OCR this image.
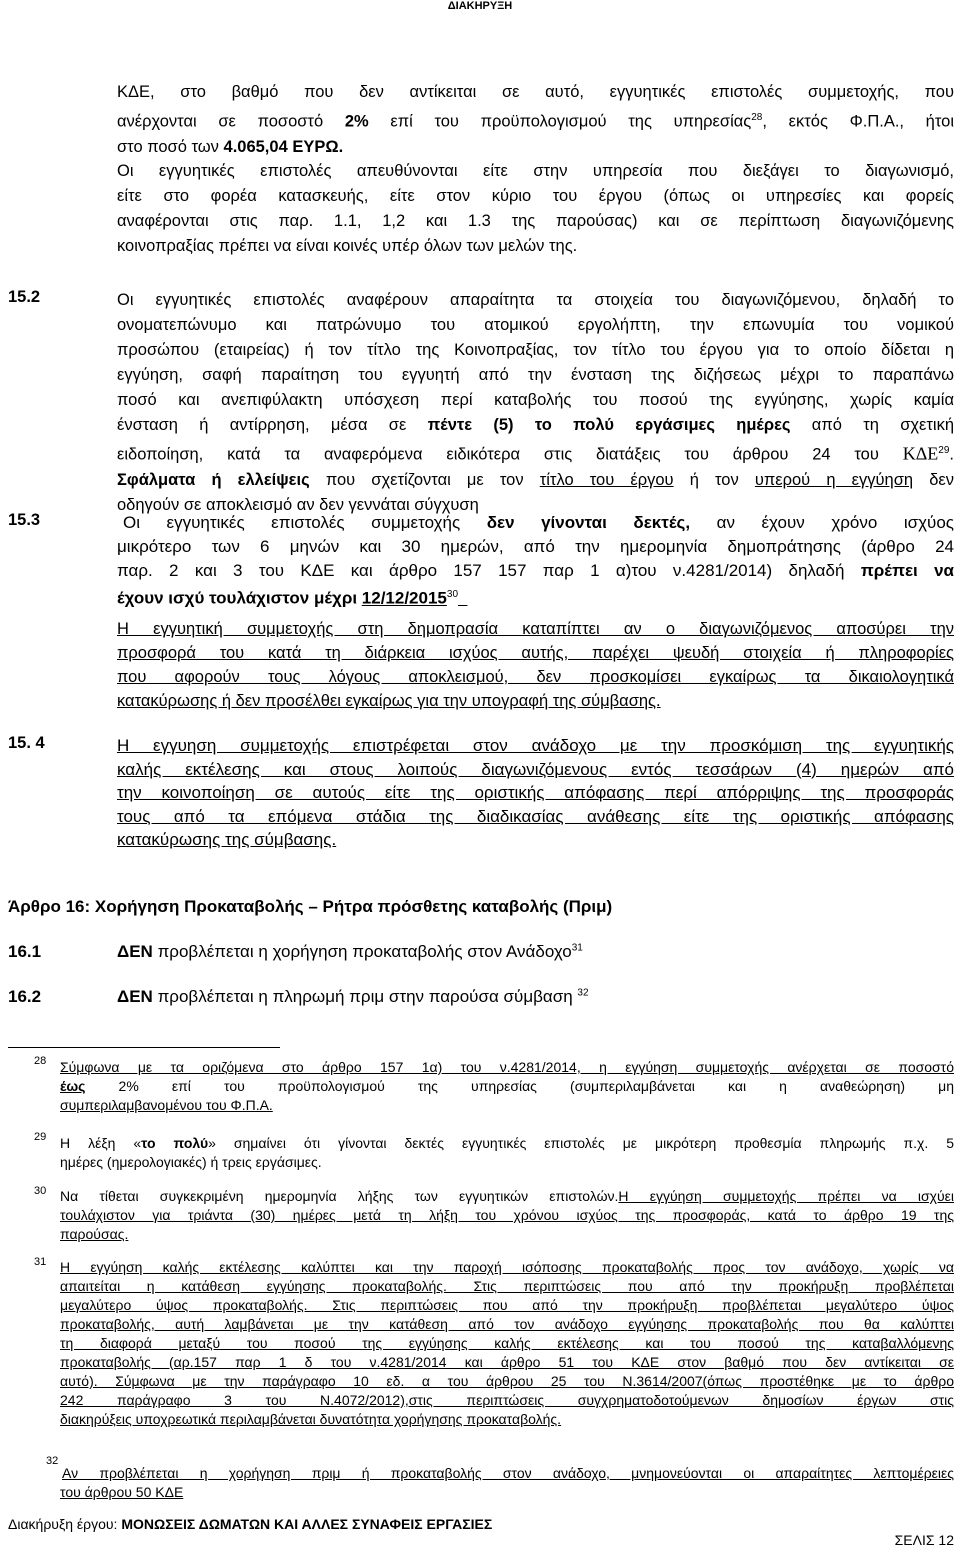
ΔΙΑΚΗΡΥΞΗ
ΚΔΕ, στο βαθμό που δεν αντίκειται σε αυτό, εγγυητικές επιστολές συμμετοχής, που
ανέρχονται σε ποσοστό 2% επί του προϋπολογισμού της υπηρεσίας$^{28}$, εκτός Φ.Π.Α., ήτοι
στο ποσό των 4.065,04 ΕΥΡΩ.
Οι εγγυητικές επιστολές απευθύνονται είτε στην υπηρεσία που διεξάγει το διαγωνισμό,
είτε στο φορέα κατασκευής, είτε στον κύριο του έργου (όπως οι υπηρεσίες και φορείς
αναφέρονται στις παρ. 1.1, 1,2 και 1.3 της παρούσας) και σε περίπτωση διαγωνιζόμενης
κοινοπραξίας πρέπει να είναι κοινές υπέρ όλων των μελών της.
15.2	Οι εγγυητικές επιστολές αναφέρουν απαραίτητα τα στοιχεία του διαγωνιζόμενου, δηλαδή το
ονοματεπώνυμο και πατρώνυμο του ατομικού εργολήπτη, την επωνυμία του νομικού
προσώπου (εταιρείας) ή τον τίτλο της Κοινοπραξίας, τον τίτλο του έργου για το οποίο δίδεται η
εγγύηση, σαφή παραίτηση του εγγυητή από την ένσταση της διζήσεως μέχρι το παραπάνω
ποσό και ανεπιφύλακτη υπόσχεση περί καταβολής του ποσού της εγγύησης, χωρίς καμία
ένσταση ή αντίρρηση, μέσα σε πέντε (5) το πολύ εργάσιμες ημέρες από τη σχετική
ειδοποίηση, κατά τα αναφερόμενα ειδικότερα στις διατάξεις του άρθρου 24 του ΚΔΕ$^{29}$.
Σφάλματα ή ελλείψεις που σχετίζονται με τον τίτλο του έργου ή τον υπερού η εγγύηση δεν
οδηγούν σε αποκλεισμό αν δεν γεννάται σύγχυση
15.3	Οι εγγυητικές επιστολές συμμετοχής δεν γίνονται δεκτές, αν έχουν χρόνο ισχύος
μικρότερο των 6 μηνών και 30 ημερών, από την ημερομηνία δημοπράτησης (άρθρο 24
παρ. 2 και 3 του ΚΔΕ και άρθρο 157 157 παρ 1 α)του ν.4281/2014) δηλαδή πρέπει να
έχουν ισχύ τουλάχιστον μέχρι 12/12/2015$^{30}$
Η εγγυητική συμμετοχής στη δημοπρασία καταπίπτει αν ο διαγωνιζόμενος αποσύρει την
προσφορά του κατά τη διάρκεια ισχύος αυτής, παρέχει ψευδή στοιχεία ή πληροφορίες
που αφορούν τους λόγους αποκλεισμού, δεν προσκομίσει εγκαίρως τα δικαιολογητικά
κατακύρωσης ή δεν προσέλθει εγκαίρως για την υπογραφή της σύμβασης.
15. 4	Η εγγυηση συμμετοχής επιστρέφεται στον ανάδοχο με την προσκόμιση της εγγυητικής
καλής εκτέλεσης και στους λοιπούς διαγωνιζόμενους εντός τεσσάρων (4) ημερών από
την κοινοποίηση σε αυτούς είτε της οριστικής απόφασης περί απόρριψης της προσφοράς
τους από τα επόμενα στάδια της διαδικασίας ανάθεσης είτε της οριστικής απόφασης
κατακύρωσης της σύμβασης.
Άρθρο 16: Χορήγηση Προκαταβολής – Ρήτρα πρόσθετης καταβολής (Πριμ)
16.1	ΔΕΝ προβλέπεται η χορήγηση προκαταβολής στον Ανάδοχο$^{31}$
16.2	ΔΕΝ προβλέπεται η πληρωμή πριμ στην παρούσα σύμβαση $^{32}$
28 Σύμφωνα με τα οριζόμενα στο άρθρο 157 1α) του ν.4281/2014, η εγγύηση συμμετοχής ανέρχεται σε ποσοστό
έως 2% επί του προϋπολογισμού της υπηρεσίας (συμπεριλαμβάνεται και η αναθεώρηση) μη
συμπεριλαμβανομένου του Φ.Π.Α.
29 Η λέξη «το πολύ» σημαίνει ότι γίνονται δεκτές εγγυητικές επιστολές με μικρότερη προθεσμία πληρωμής π.χ. 5
ημέρες (ημερολογιακές) ή τρεις εργάσιμες.
30 Να τίθεται συγκεκριμένη ημερομηνία λήξης των εγγυητικών επιστολών.Η εγγύηση συμμετοχής πρέπει να ισχύει
τουλάχιστον για τριάντα (30) ημέρες μετά τη λήξη του χρόνου ισχύος της προσφοράς, κατά το άρθρο 19 της
παρούσας.
31 Η εγγύηση καλής εκτέλεσης καλύπτει και την παροχή ισόποσης προκαταβολής προς τον ανάδοχο, χωρίς να
απαιτείται η κατάθεση εγγύησης προκαταβολής. Στις περιπτώσεις που από την προκήρυξη προβλέπεται
μεγαλύτερο ύψος προκαταβολής. Στις περιπτώσεις που από την προκήρυξη προβλέπεται μεγαλύτερο ύψος
προκαταβολής, αυτή λαμβάνεται με την κατάθεση από τον ανάδοχο εγγύησης προκαταβολής που θα καλύπτει
τη διαφορά μεταξύ του ποσού της εγγύησης καλής εκτέλεσης και του ποσού της καταβαλλόμενης
προκαταβολής (αρ.157 παρ 1 δ του ν.4281/2014 και άρθρο 51 του ΚΔΕ στον βαθμό που δεν αντίκειται σε
αυτό). Σύμφωνα με την παράγραφο 10 εδ. α του άρθρου 25 του Ν.3614/2007(όπως προστέθηκε με το άρθρο
242 παράγραφο 3 του Ν.4072/2012),στις περιπτώσεις συγχρηματοδοτούμενων δημοσίων έργων στις
διακηρύξεις υποχρεωτικά περιλαμβάνεται δυνατότητα χορήγησης προκαταβολής.
32
Αν προβλέπεται η χορήγηση πριμ ή προκαταβολής στον ανάδοχο, μνημονεύονται οι απαραίτητες λεπτομέρειες
του άρθρου 50 ΚΔΕ
Διακήρυξη έργου: ΜΟΝΩΣΕΙΣ ΔΩΜΑΤΩΝ ΚΑΙ ΑΛΛΕΣ ΣΥΝΑΦΕΙΣ ΕΡΓΑΣΙΕΣ
ΣΕΛΙΣ 12
